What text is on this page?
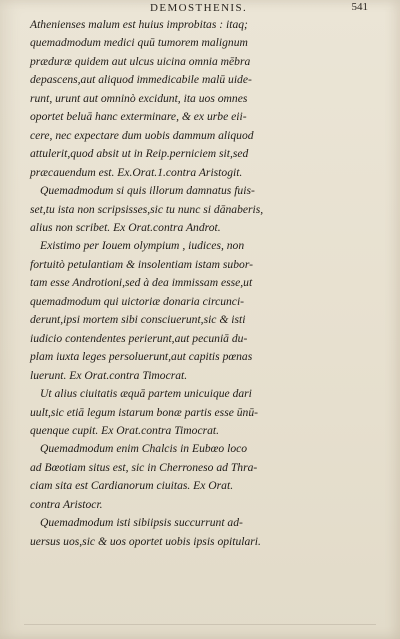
DEMOSTHENIS.	541
Athenienses malum est huius improbitas : itaq;
quemadmodum medici quū tumorem malignum
præduræ quidem aut ulcus uicina omnia mēbra
depascens,aut aliquod immedicabile malū uide-
runt, urunt aut omninò excidunt, ita uos omnes
oportet beluā hanc exterminare, & ex urbe eii-
cere, nec expectare dum uobis dammum aliquod
attulerit,quod absit ut in Reip.perniciem sit,sed
præcauendum est. Ex.Orat.1.contra Aristogit.
Quemadmodum si quis illorum damnatus fuis-
set,tu ista non scripsisses,sic tu nunc si dānaberis,
alius non scribet. Ex Orat.contra Androt.
Existimo per Iouem olympium , iudices, non
fortuitò petulantiam & insolentiam istam subor-
tam esse Androtioni,sed à dea immissam esse,ut
quemadmodum qui uictoriæ donaria circunci-
derunt,ipsi mortem sibi consciuerunt,sic & isti
iudicio contendentes perierunt,aut pecuniā du-
plam iuxta leges persoluerunt,aut capitis pœnas
luerunt. Ex Orat.contra Timocrat.
Ut alius ciuitatis æquā partem unicuique dari
uult,sic etiā legum istarum bonæ partis esse ūnū-
quenque cupit. Ex Orat.contra Timocrat.
Quemadmodum enim Chalcis in Eubœo loco
ad Bœotiam situs est, sic in Cherroneso ad Thra-
ciam sita est Cardianorum ciuitas. Ex Orat.
contra Aristocr.
Quemadmodum isti sibiipsis succurrunt ad-
uersus uos,sic & uos oportet uobis ipsis opitulari.
